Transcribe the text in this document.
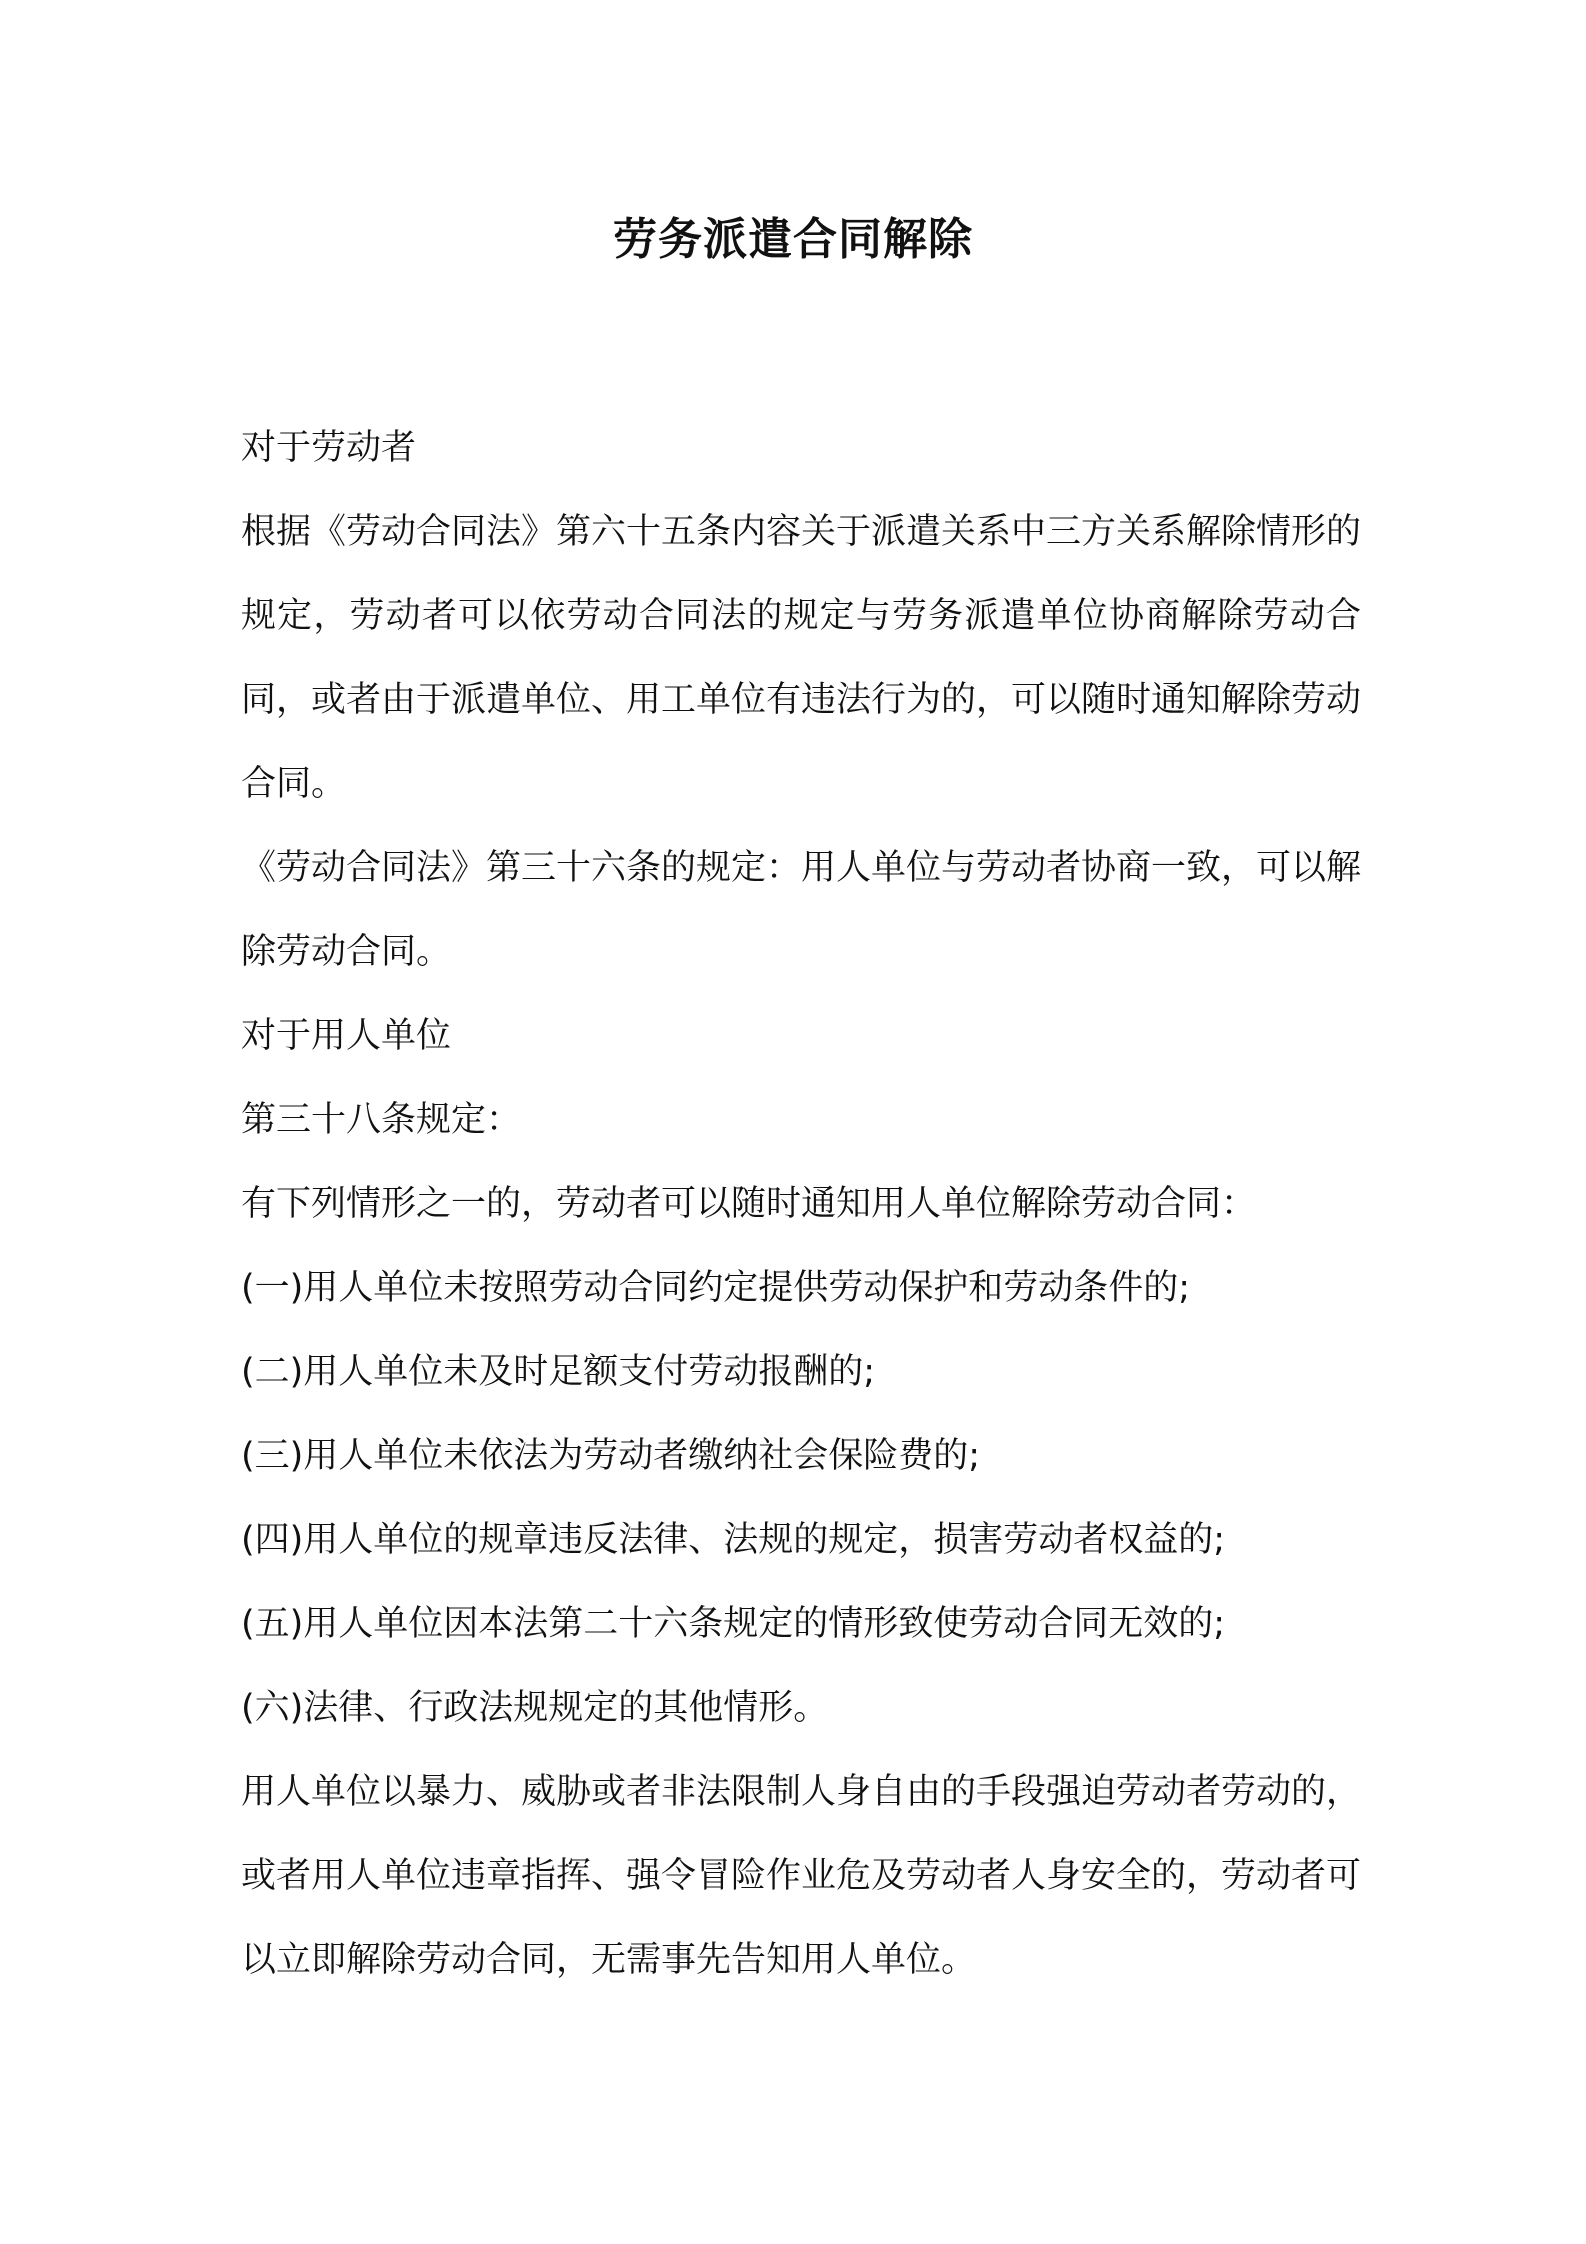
劳务派遣合同解除

对于劳动者

根据《劳动合同法》第六十五条内容关于派遣关系中三方关系解除情形的规定，劳动者可以依劳动合同法的规定与劳务派遣单位协商解除劳动合同，或者由于派遣单位、用工单位有违法行为的，可以随时通知解除劳动合同。

《劳动合同法》第三十六条的规定：用人单位与劳动者协商一致，可以解除劳动合同。

对于用人单位

第三十八条规定：

有下列情形之一的，劳动者可以随时通知用人单位解除劳动合同：

(一)用人单位未按照劳动合同约定提供劳动保护和劳动条件的;

(二)用人单位未及时足额支付劳动报酬的;

(三)用人单位未依法为劳动者缴纳社会保险费的;

(四)用人单位的规章违反法律、法规的规定，损害劳动者权益的;

(五)用人单位因本法第二十六条规定的情形致使劳动合同无效的;

(六)法律、行政法规规定的其他情形。

用人单位以暴力、威胁或者非法限制人身自由的手段强迫劳动者劳动的，或者用人单位违章指挥、强令冒险作业危及劳动者人身安全的，劳动者可以立即解除劳动合同，无需事先告知用人单位。
